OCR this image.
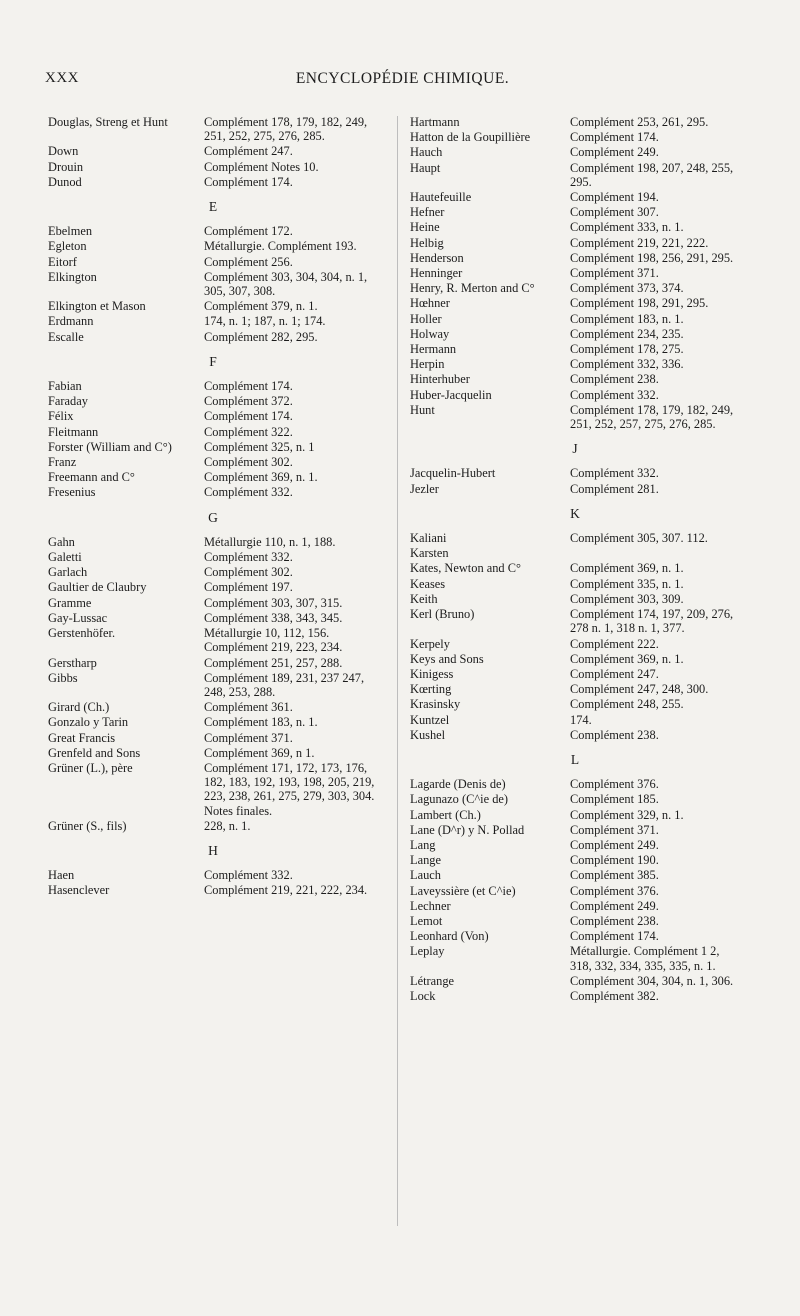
XXX	ENCYCLOPÉDIE CHIMIQUE.
Douglas, Streng et Hunt	Complément 178, 179, 182, 249, 251, 252, 275, 276, 285.
Down	Complément 247.
Drouin	Complément Notes 10.
Dunod	Complément 174.
E
Ebelmen	Complément 172.
Egleton	Métallurgie. Complément 193.
Eitorf	Complément 256.
Elkington	Complément 303, 304, 304, n. 1, 305, 307, 308.
Elkington et Mason	Complément 379, n. 1.
Erdmann	174, n. 1; 187, n. 1; 174.
Escalle	Complément 282, 295.
F
Fabian	Complément 174.
Faraday	Complément 372.
Félix	Complément 174.
Fleitmann	Complément 322.
Forster (William and C°)	Complément 325, n. 1
Franz	Complément 302.
Freemann and C°	Complément 369, n. 1.
Fresenius	Complément 332.
G
Gahn	Métallurgie 110, n. 1, 188.
Galetti	Complément 332.
Garlach	Complément 302.
Gaultier de Claubry	Complément 197.
Gramme	Complément 303, 307, 315.
Gay-Lussac	Complément 338, 343, 345.
Gerstenhöfer.	Métallurgie 10, 112, 156. Complément 219, 223, 234.
Gerstharp	Complément 251, 257, 288.
Gibbs	Complément 189, 231, 237 247, 248, 253, 288.
Girard (Ch.)	Complément 361.
Gonzalo y Tarin	Complément 183, n. 1.
Great Francis	Complément 371.
Grenfeld and Sons	Complément 369, n 1.
Grüner (L.), père	Complément 171, 172, 173, 176, 182, 183, 192, 193, 198, 205, 219, 223, 238, 261, 275, 279, 303, 304. Notes finales.
Grüner (S., fils)	228, n. 1.
H
Haen	Complément 332.
Hasenclever	Complément 219, 221, 222, 234.
Hartmann	Complément 253, 261, 295.
Hatton de la Goupillière	Complément 174.
Hauch	Complément 249.
Haupt	Complément 198, 207, 248, 255, 295.
Hautefeuille	Complément 194.
Hefner	Complément 307.
Heine	Complément 333, n. 1.
Helbig	Complément 219, 221, 222.
Henderson	Complément 198, 256, 291, 295.
Henninger	Complément 371.
Henry, R. Merton and C°	Complément 373, 374.
Hœhner	Complément 198, 291, 295.
Holler	Complément 183, n. 1.
Holway	Complément 234, 235.
Hermann	Complément 178, 275.
Herpin	Complément 332, 336.
Hinterhuber	Complément 238.
Huber-Jacquelin	Complément 332.
Hunt	Complément 178, 179, 182, 249, 251, 252, 257, 275, 276, 285.
J
Jacquelin-Hubert	Complément 332.
Jezler	Complément 281.
K
Kaliani	Complément 305, 307. 112.
Karsten
Kates, Newton and C°	Complément 369, n. 1.
Keases	Complément 335, n. 1.
Keith	Complément 303, 309.
Kerl (Bruno)	Complément 174, 197, 209, 276, 278 n. 1, 318 n. 1, 377.
Kerpely	Complément 222.
Keys and Sons	Complément 369, n. 1.
Kinigess	Complément 247.
Kœrting	Complément 247, 248, 300.
Krasinsky	Complément 248, 255.
Kuntzel	174.
Kushel	Complément 238.
L
Lagarde (Denis de)	Complément 376.
Lagunazo (C^ie de)	Complément 185.
Lambert (Ch.)	Complément 329, n. 1.
Lane (D^r) y N. Pollad	Complément 371.
Lang	Complément 249.
Lange	Complément 190.
Lauch	Complément 385.
Laveyssière (et C^ie)	Complément 376.
Lechner	Complément 249.
Lemot	Complément 238.
Leonhard (Von)	Complément 174.
Leplay	Métallurgie. Complément 1 2, 318, 332, 334, 335, 335, n. 1.
Létrange	Complément 304, 304, n. 1, 306.
Lock	Complément 382.
